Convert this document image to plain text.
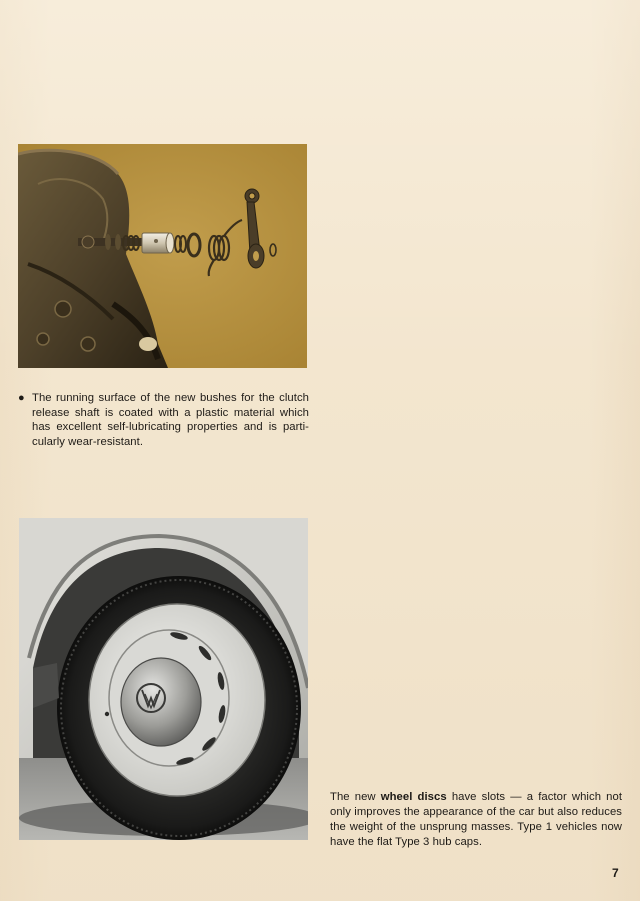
● The running surface of the new bushes for the clutch release shaft is coated with a plastic material which has excellent self-lubricating properties and is parti-cularly wear-resistant.
The new wheel discs have slots — a factor which not only improves the appearance of the car but also reduces the weight of the unsprung masses. Type 1 vehicles now have the flat Type 3 hub caps.
7
